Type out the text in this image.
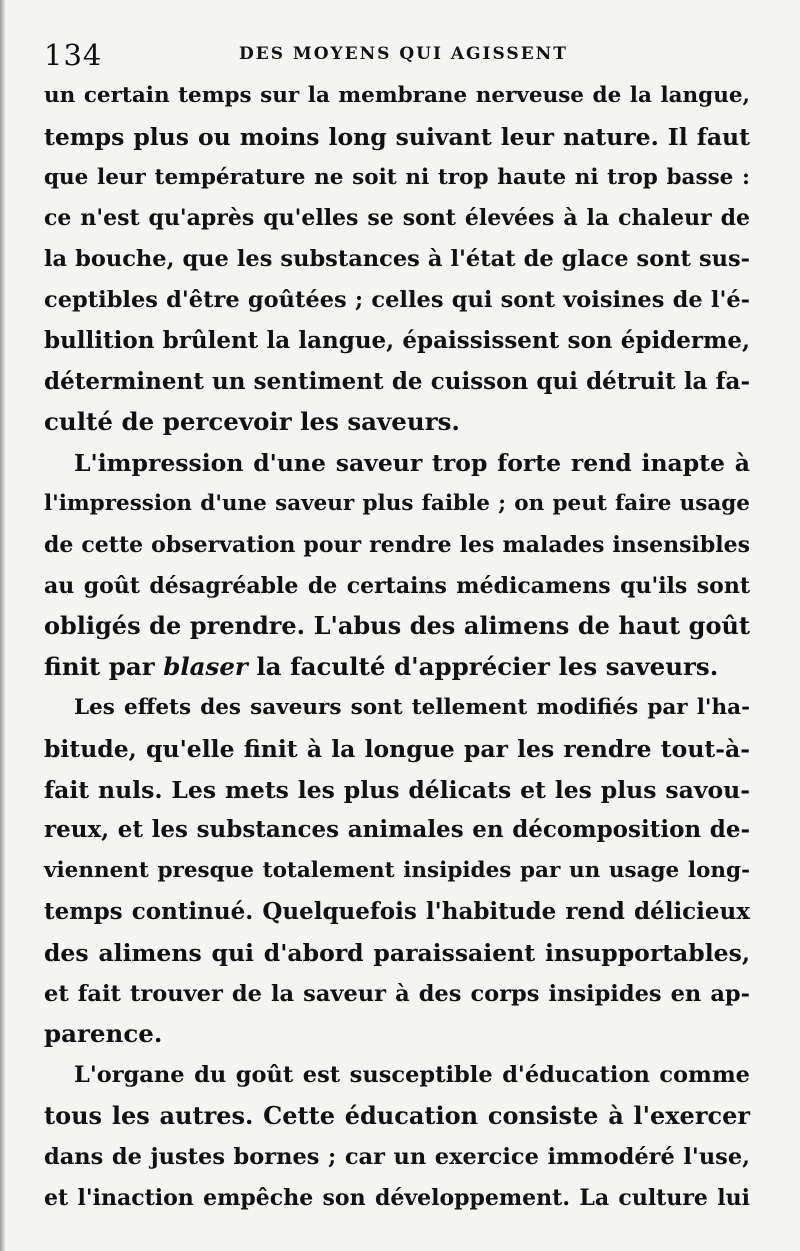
134	DES MOYENS QUI AGISSENT
un certain temps sur la membrane nerveuse de la langue,
temps plus ou moins long suivant leur nature. Il faut
que leur température ne soit ni trop haute ni trop basse :
ce n'est qu'après qu'elles se sont élevées à la chaleur de
la bouche, que les substances à l'état de glace sont sus-
ceptibles d'être goûtées ; celles qui sont voisines de l'é-
bullition brûlent la langue, épaississent son épiderme,
déterminent un sentiment de cuisson qui détruit la fa-
culté de percevoir les saveurs.
L'impression d'une saveur trop forte rend inapte à
l'impression d'une saveur plus faible ; on peut faire usage
de cette observation pour rendre les malades insensibles
au goût désagréable de certains médicamens qu'ils sont
obligés de prendre. L'abus des alimens de haut goût
finit par blaser la faculté d'apprécier les saveurs.
Les effets des saveurs sont tellement modifiés par l'ha-
bitude, qu'elle finit à la longue par les rendre tout-à-
fait nuls. Les mets les plus délicats et les plus savou-
reux, et les substances animales en décomposition de-
viennent presque totalement insipides par un usage long-
temps continué. Quelquefois l'habitude rend délicieux
des alimens qui d'abord paraissaient insupportables,
et fait trouver de la saveur à des corps insipides en ap-
parence.
L'organe du goût est susceptible d'éducation comme
tous les autres. Cette éducation consiste à l'exercer
dans de justes bornes ; car un exercice immodéré l'use,
et l'inaction empêche son développement. La culture lui
